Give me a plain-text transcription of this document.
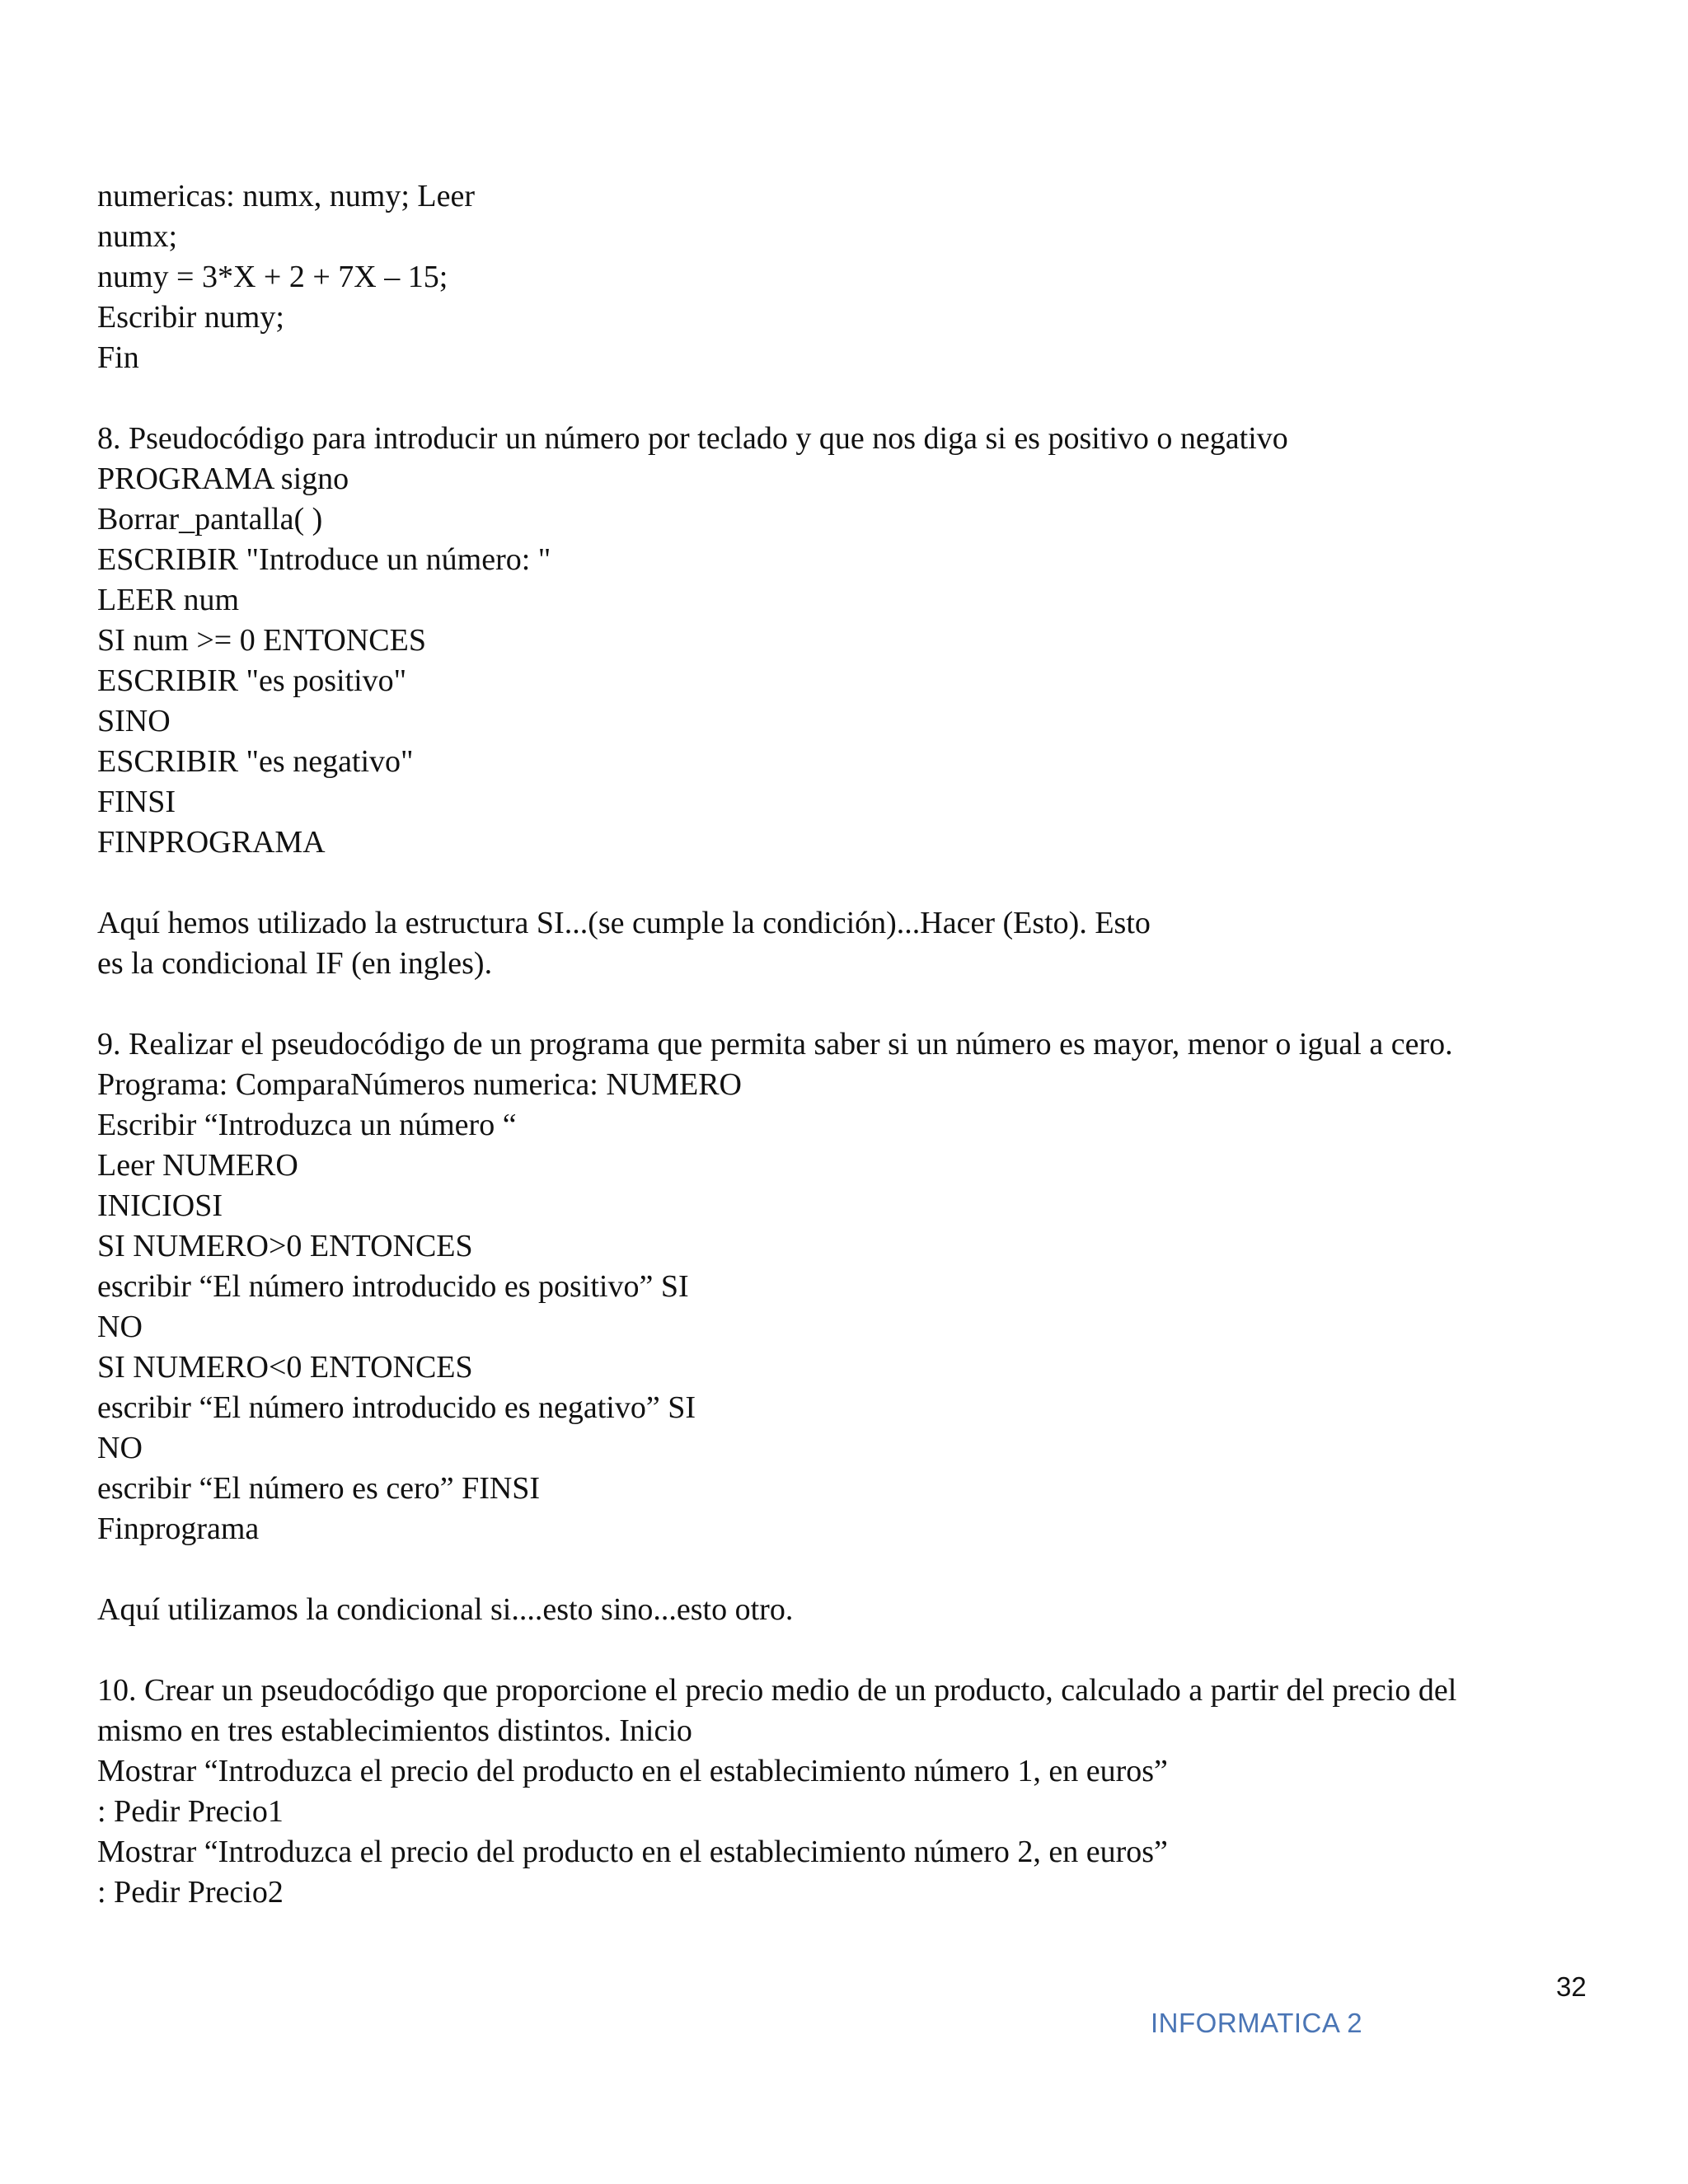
numericas: numx, numy; Leer
numx;
numy = 3*X + 2 + 7X – 15;
Escribir numy;
Fin
8. Pseudocódigo para introducir un número por teclado y que nos diga si es positivo o negativo
PROGRAMA signo
Borrar_pantalla( )
ESCRIBIR "Introduce un número: "
LEER num
SI num >= 0 ENTONCES
ESCRIBIR "es positivo"
SINO
ESCRIBIR "es negativo"
FINSI
FINPROGRAMA
Aquí hemos utilizado la estructura SI...(se cumple la condición)...Hacer (Esto). Esto
es la condicional IF (en ingles).
9. Realizar el pseudocódigo de un programa que permita saber si un número es mayor, menor o igual a cero.
Programa: ComparaNúmeros numerica: NUMERO
Escribir “Introduzca un número “
Leer NUMERO
INICIOSI
SI NUMERO>0 ENTONCES
escribir “El número introducido es positivo” SI
NO
SI NUMERO<0 ENTONCES
escribir “El número introducido es negativo” SI
NO
escribir “El número es cero” FINSI
Finprograma
Aquí utilizamos la condicional si....esto sino...esto otro.
10. Crear un pseudocódigo que proporcione el precio medio de un producto, calculado a partir del precio del
mismo en tres establecimientos distintos. Inicio
Mostrar “Introduzca el precio del producto en el establecimiento número 1, en euros”
: Pedir Precio1
Mostrar “Introduzca el precio del producto en el establecimiento número 2, en euros”
: Pedir Precio2
32
INFORMATICA 2
